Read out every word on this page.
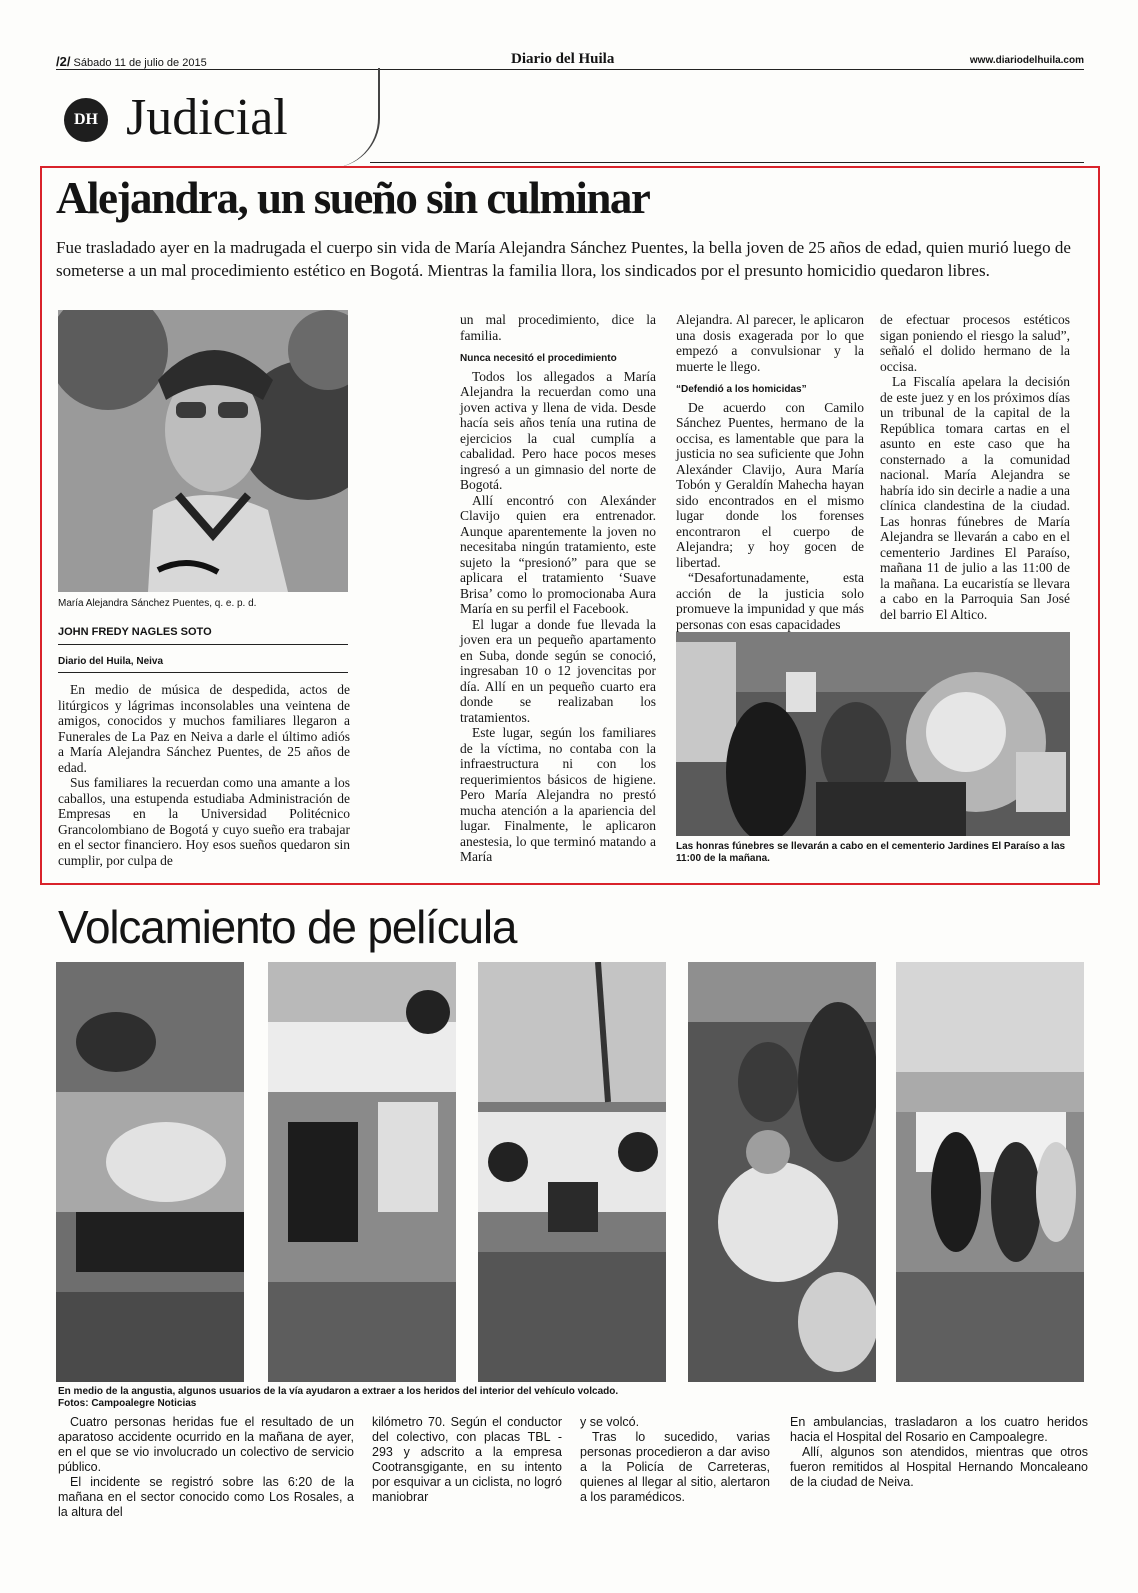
/2/ Sábado 11 de julio de 2015	Diario del Huila	www.diariodelhuila.com
DH Judicial
Alejandra, un sueño sin culminar
Fue trasladado ayer en la madrugada el cuerpo sin vida de María Alejandra Sánchez Puentes, la bella joven de 25 años de edad, quien murió luego de someterse a un mal procedimiento estético en Bogotá. Mientras la familia llora, los sindicados por el presunto homicidio quedaron libres.
María Alejandra Sánchez Puentes, q. e. p. d.
JOHN FREDY NAGLES SOTO
Diario del Huila, Neiva

En medio de música de despedida, actos de litúrgicos y lágrimas inconsolables una veintena de amigos, conocidos y muchos familiares llegaron a Funerales de La Paz en Neiva a darle el último adiós a María Alejandra Sánchez Puentes, de 25 años de edad.

Sus familiares la recuerdan como una amante a los caballos, una estupenda estudiaba Administración de Empresas en la Universidad Politécnico Grancolombiano de Bogotá y cuyo sueño era trabajar en el sector financiero. Hoy esos sueños quedaron sin cumplir, por culpa de

un mal procedimiento, dice la familia.

Nunca necesitó el procedimiento

Todos los allegados a María Alejandra la recuerdan como una joven activa y llena de vida. Desde hacía seis años tenía una rutina de ejercicios la cual cumplía a cabalidad. Pero hace pocos meses ingresó a un gimnasio del norte de Bogotá.

Allí encontró con Alexánder Clavijo quien era entrenador. Aunque aparentemente la joven no necesitaba ningún tratamiento, este sujeto la “presionó” para que se aplicara el tratamiento ‘Suave Brisa’ como lo promocionaba Aura María en su perfil el Facebook.

El lugar a donde fue llevada la joven era un pequeño apartamento en Suba, donde según se conoció, ingresaban 10 o 12 jovencitas por día. Allí en un pequeño cuarto era donde se realizaban los tratamientos.

Este lugar, según los familiares de la víctima, no contaba con la infraestructura ni con los requerimientos básicos de higiene. Pero María Alejandra no prestó mucha atención a la apariencia del lugar. Finalmente, le aplicaron anestesia, lo que terminó matando a María

Alejandra. Al parecer, le aplicaron una dosis exagerada por lo que empezó a convulsionar y la muerte le llego.

“Defendió a los homicidas”

De acuerdo con Camilo Sánchez Puentes, hermano de la occisa, es lamentable que para la justicia no sea suficiente que John Alexánder Clavijo, Aura María Tobón y Geraldín Mahecha hayan sido encontrados en el mismo lugar donde los forenses encontraron el cuerpo de Alejandra; y hoy gocen de libertad.

“Desafortunadamente, esta acción de la justicia solo promueve la impunidad y que más personas con esas capacidades

de efectuar procesos estéticos sigan poniendo el riesgo la salud”, señaló el dolido hermano de la occisa.

La Fiscalía apelara la decisión de este juez y en los próximos días un tribunal de la capital de la República tomara cartas en el asunto en este caso que ha consternado a la comunidad nacional. María Alejandra se habría ido sin decirle a nadie a una clínica clandestina de la ciudad. Las honras fúnebres de María Alejandra se llevarán a cabo en el cementerio Jardines El Paraíso, mañana 11 de julio a las 11:00 de la mañana. La eucaristía se llevara a cabo en la Parroquia San José del barrio El Altico.

Las honras fúnebres se llevarán a cabo en el cementerio Jardines El Paraíso a las 11:00 de la mañana.
Volcamiento de película
En medio de la angustia, algunos usuarios de la vía ayudaron a extraer a los heridos del interior del vehículo volcado.
Fotos: Campoalegre Noticias

Cuatro personas heridas fue el resultado de un aparatoso accidente ocurrido en la mañana de ayer, en el que se vio involucrado un colectivo de servicio público.

El incidente se registró sobre las 6:20 de la mañana en el sector conocido como Los Rosales, a la altura del

kilómetro 70. Según el conductor del colectivo, con placas TBL - 293 y adscrito a la empresa Cootransgigante, en su intento por esquivar a un ciclista, no logró maniobrar

y se volcó.

Tras lo sucedido, varias personas procedieron a dar aviso a la Policía de Carreteras, quienes al llegar al sitio, alertaron a los paramédicos.

En ambulancias, trasladaron a los cuatro heridos hacia el Hospital del Rosario en Campoalegre.

Allí, algunos son atendidos, mientras que otros fueron remitidos al Hospital Hernando Moncaleano de la ciudad de Neiva.
